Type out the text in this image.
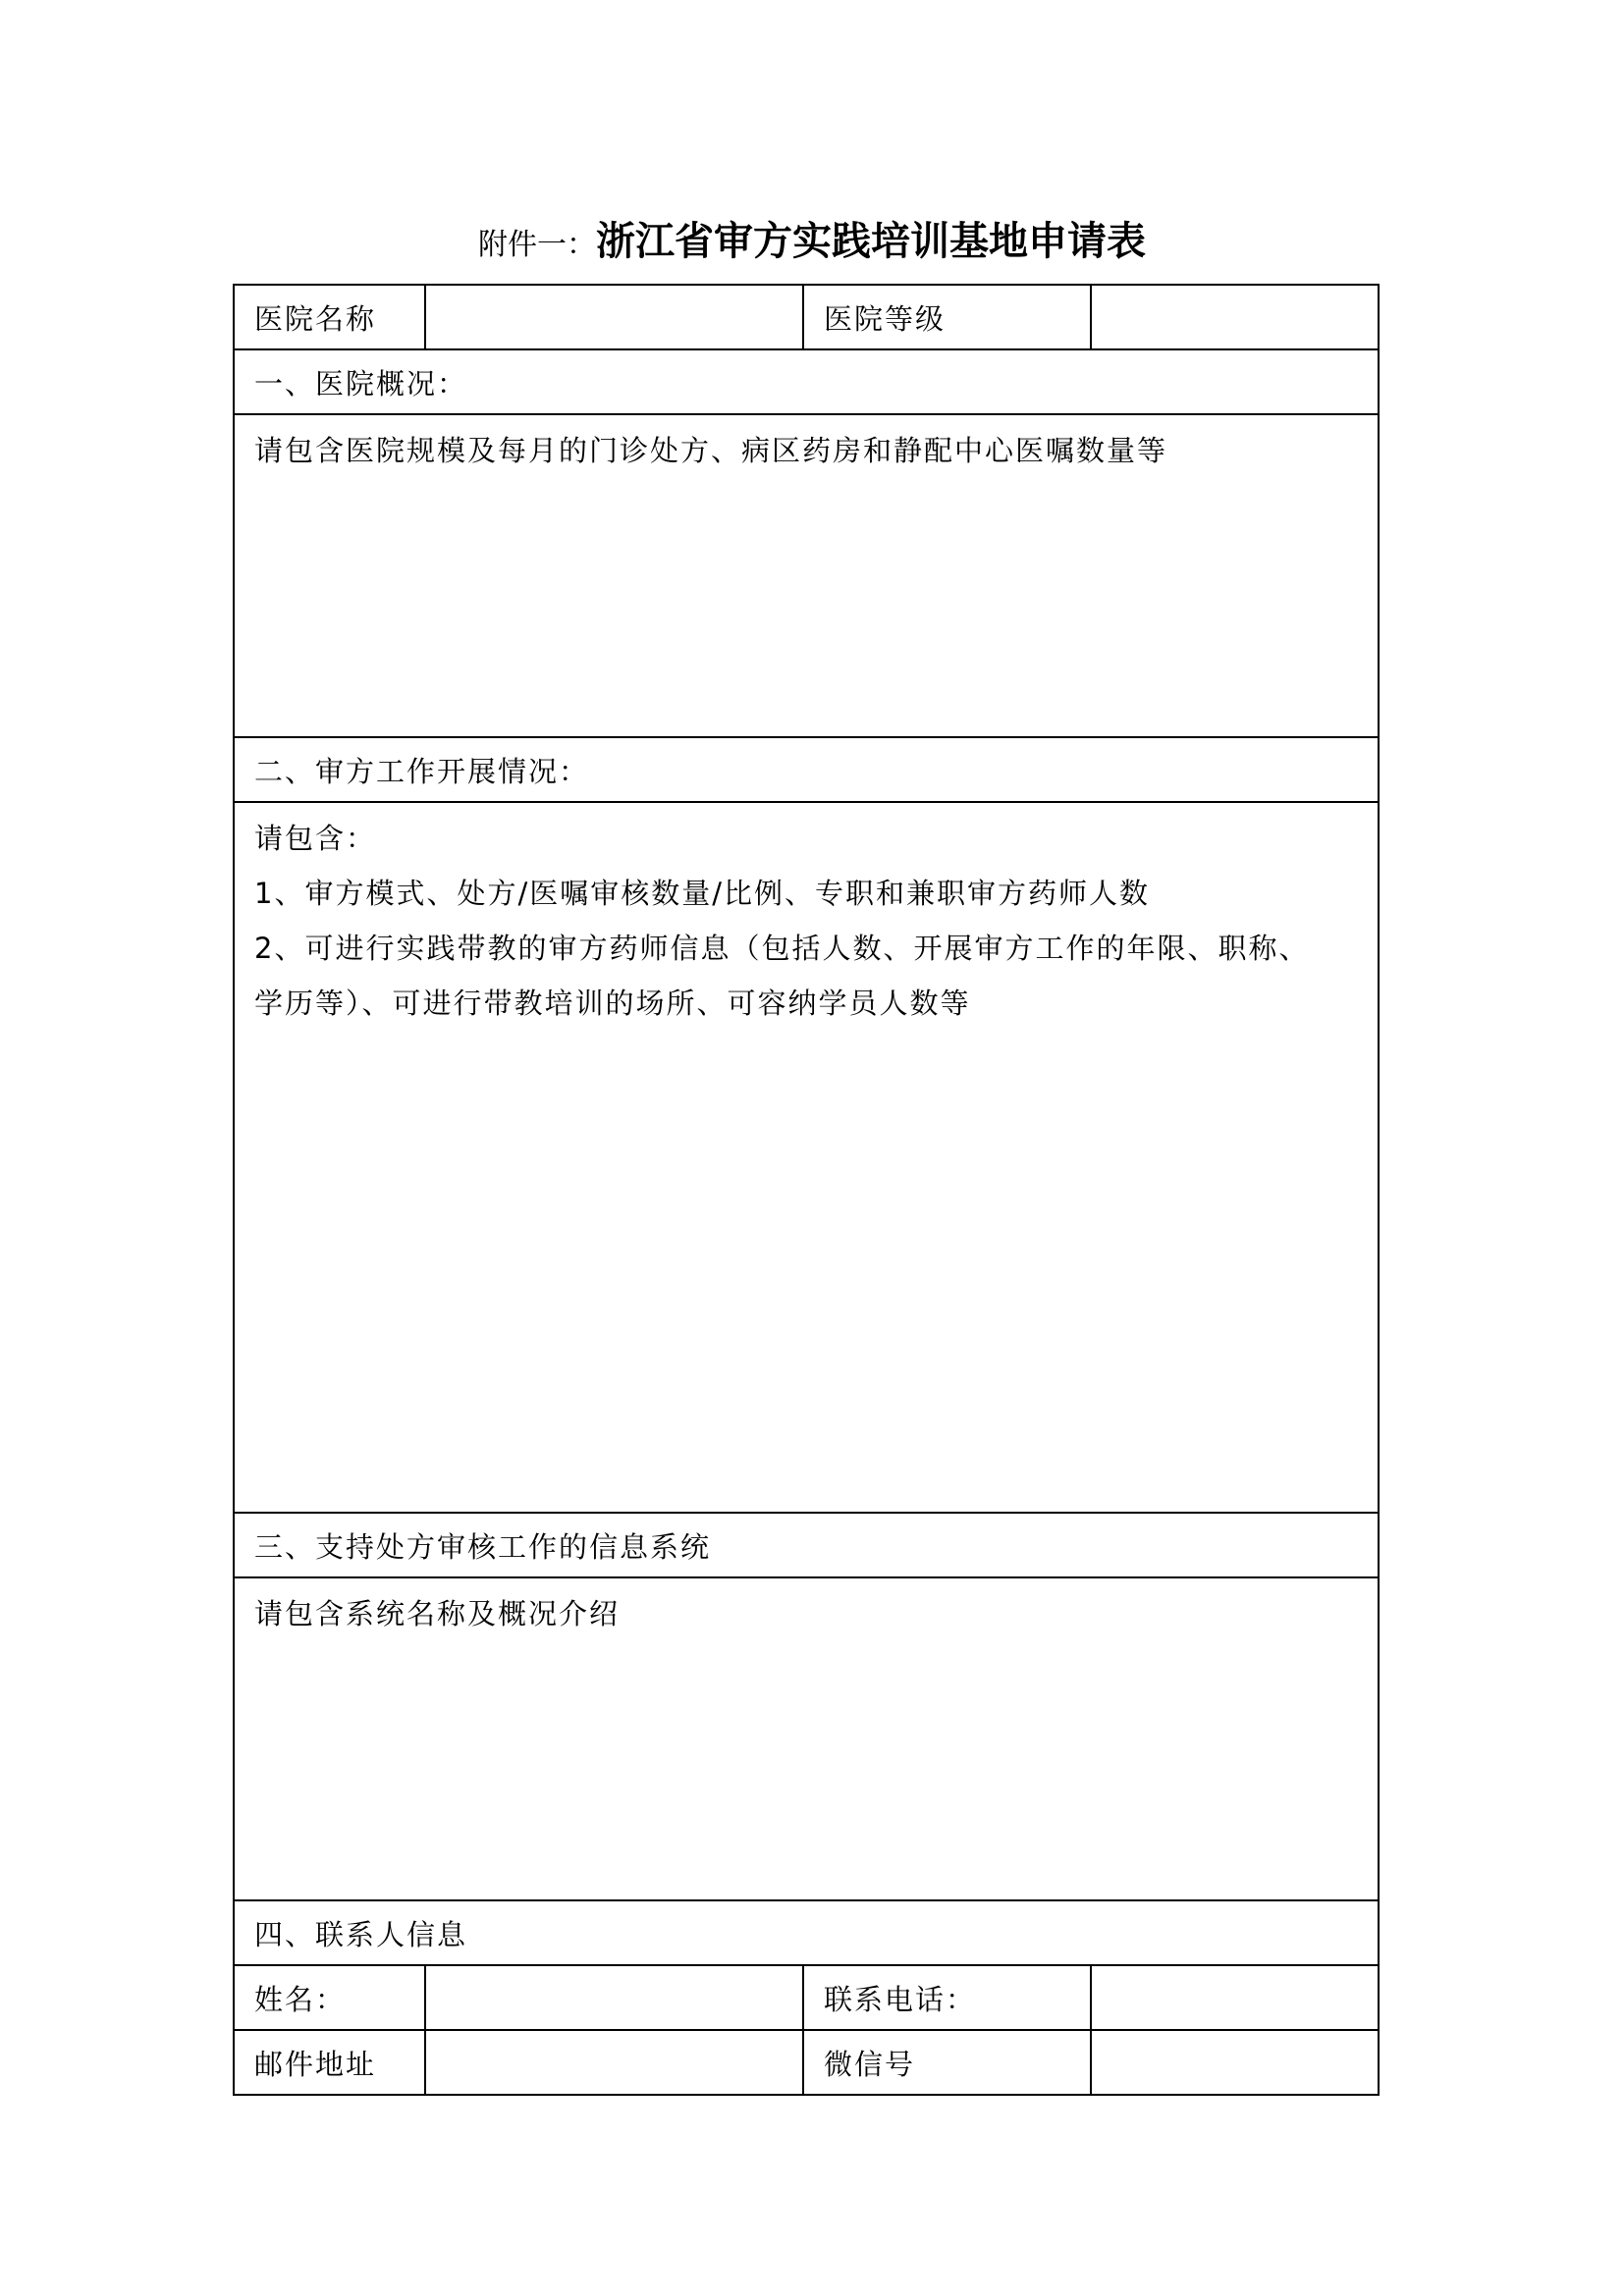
附件一：浙江省审方实践培训基地申请表
医院名称		医院等级	
一、医院概况：			

请包含医院规模及每月的门诊处方、病区药房和静配中心医嘱数量等			

二、审方工作开展情况：			

请包含：
1、审方模式、处方/医嘱审核数量/比例、专职和兼职审方药师人数
2、可进行实践带教的审方药师信息（包括人数、开展审方工作的年限、职称、
学历等）、可进行带教培训的场所、可容纳学员人数等			

三、支持处方审核工作的信息系统			

请包含系统名称及概况介绍			

四、联系人信息			
姓名：		联系电话：	
邮件地址		微信号	
